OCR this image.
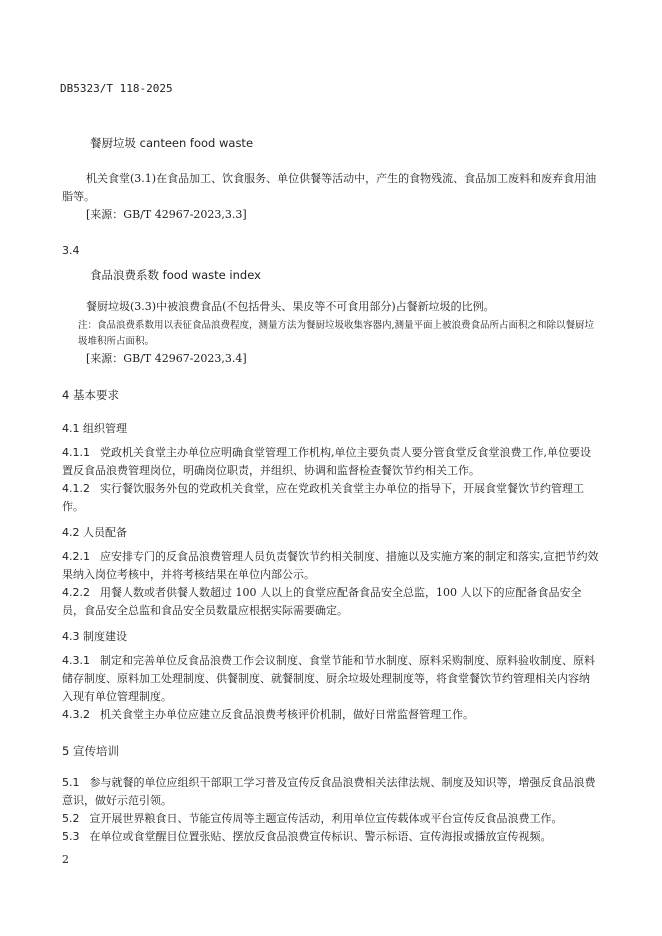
DB5323/T 118-2025
餐厨垃圾 canteen food waste
机关食堂(3.1)在食品加工、饮食服务、单位供餐等活动中，产生的食物残流、食品加工废料和废弃食用油脂等。
[来源：GB/T 42967-2023,3.3]
3.4
食品浪费系数 food waste index
餐厨垃圾(3.3)中被浪费食品(不包括骨头、果皮等不可食用部分)占餐新垃圾的比例。
注：食品浪费系数用以表征食品浪费程度，测量方法为餐厨垃圾收集容器内,测量平面上被浪费食品所占面积之和除以餐厨垃圾堆积所占面积。
[来源：GB/T 42967-2023,3.4]
4 基本要求
4.1 组织管理
4.1.1 党政机关食堂主办单位应明确食堂管理工作机构,单位主要负责人要分管食堂反食堂浪费工作,单位要设置反食品浪费管理岗位，明确岗位职责，并组织、协调和监督检查餐饮节约相关工作。
4.1.2 实行餐饮服务外包的党政机关食堂，应在党政机关食堂主办单位的指导下，开展食堂餐饮节约管理工作。
4.2 人员配备
4.2.1 应安排专门的反食品浪费管理人员负责餐饮节约相关制度、措施以及实施方案的制定和落实,宣把节约效果纳入岗位考核中，并将考核结果在单位内部公示。
4.2.2 用餐人数或者供餐人数超过 100 人以上的食堂应配备食品安全总监，100 人以下的应配备食品安全员，食品安全总监和食品安全员数量应根据实际需要确定。
4.3 制度建设
4.3.1 制定和完善单位反食品浪费工作会议制度、食堂节能和节水制度、原料采购制度、原料验收制度、原料储存制度、原料加工处理制度、供餐制度、就餐制度、厨余垃圾处理制度等，将食堂餐饮节约管理相关内容纳入现有单位管理制度。
4.3.2 机关食堂主办单位应建立反食品浪费考核评价机制，做好日常监督管理工作。
5 宣传培训
5.1 参与就餐的单位应组织干部职工学习普及宣传反食品浪费相关法律法规、制度及知识等，增强反食品浪费意识，做好示范引领。
5.2 宣开展世界粮食日、节能宣传周等主题宣传活动，利用单位宣传载体或平台宣传反食品浪费工作。
5.3 在单位或食堂醒目位置张贴、摆放反食品浪费宣传标识、警示标语、宣传海报或播放宣传视频。
2
